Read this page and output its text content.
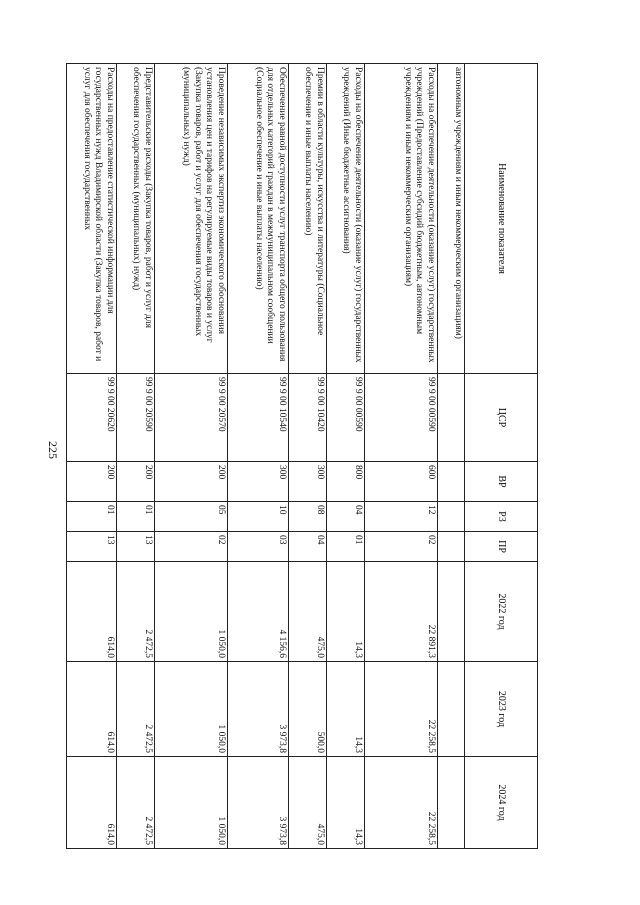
225
Наименование показателя	ЦСР	ВР	РЗ	ПР	2022 год	2023 год	2024 год
автономным учреждениям и иным некоммерческим организациям)							
Расходы на обеспечение деятельности (оказание услуг) государственных учреждений (Предоставление субсидий бюджетным, автономным учреждениям и иным некоммерческим организациям)	99 9 00 00590	600	12	02	22 891,3	22 258,5	22 258,5
Расходы на обеспечение деятельности (оказание услуг) государственных учреждений (Иные бюджетные ассигнования)	99 9 00 00590	800	04	01	14,3	14,3	14,3
Премии в области культуры, искусства и литературы (Социальное обеспечение и иные выплаты населению)	99 9 00 10420	300	08	04	475,0	500,0	475,0
Обеспечение равной доступности услуг транспорта общего пользования для отдельных категорий граждан в межмуниципальном сообщении (Социальное обеспечение и иные выплаты населению)	99 9 00 10540	300	10	03	4 156,6	3 973,8	3 973,8
Проведение независимых экспертиз экономического обоснования установления цен и тарифов на регулируемые виды товаров и услуг (Закупка товаров, работ и услуг для обеспечения государственных (муниципальных) нужд)	99 9 00 20570	200	05	02	1 050,0	1 050,0	1 050,0
Представительские расходы (Закупка товаров, работ и услуг для обеспечения государственных (муниципальных) нужд)	99 9 00 20590	200	01	13	2 472,5	2 472,5	2 472,5
Расходы на предоставление статистической информации для государственных нужд Владимирской области (Закупка товаров, работ и услуг для обеспечения государственных	99 9 00 20620	200	01	13	614,0	614,0	614,0
